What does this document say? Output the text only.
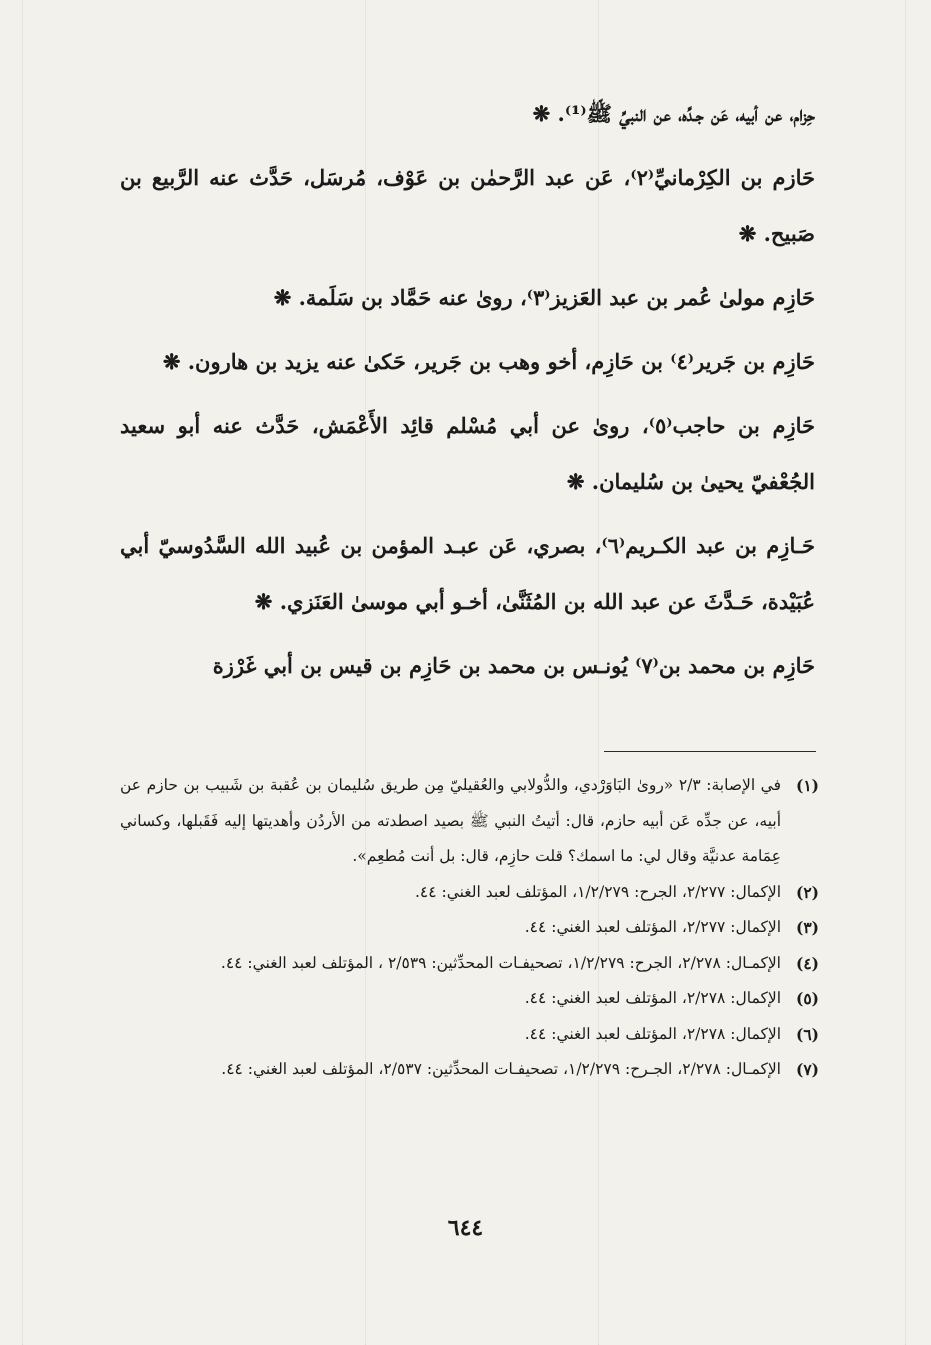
حِزام، عن أبيه، عَن جـدِّه، عن النبيِّ ﷺ⁽¹⁾. ❋

حَازم بن الكِرْمانيِّ⁽٢⁾، عَن عبد الرَّحمٰن بن عَوْف، مُرسَل، حَدَّث عنه الرَّبيع بن صَبيح. ❋

حَازِم مولىٰ عُمر بن عبد العَزيز⁽٣⁾، روىٰ عنه حَمَّاد بن سَلَمة. ❋

حَازِم بن جَرير⁽٤⁾ بن حَازِم، أخو وهب بن جَرير، حَكىٰ عنه يزيد بن هارون. ❋

حَازِم بن حاجب⁽٥⁾، روىٰ عن أبي مُسْلم قائِد الأَعْمَش، حَدَّث عنه أبو سعيد الجُعْفيّ يحيىٰ بن سُليمان. ❋

حَـازِم بن عبد الكـريم⁽٦⁾، بصري، عَن عبـد المؤمن بن عُبيد الله السَّدُوسيّ أبي عُبَيْدة، حَـدَّثَ عن عبد الله بن المُثَنَّىٰ، أخـو أبي موسىٰ العَنَزي. ❋

حَازِم بن محمد بن⁽٧⁾ يُونـس بن محمد بن حَازِم بن قيس بن أبي غَرْزة

(١)
في الإصابة: ٢/٣ «روىٰ البَاوَرْدي، والدُّولابي والعُقيليّ مِن طريق سُليمان بن عُقبة بن شَبيب بن حازم عن أبيه، عن جدِّه عَن أبيه حازم، قال: أتيتُ النبي ﷺ بصيد اصطدته من الأردُن وأهديتها إليه فَقَبلها، وكساني عِمَامة عدنيَّة وقال لي: ما اسمك؟ قلت حازِم، قال: بل أنت مُطعِم».
(٢)
الإكمال: ٢/٢٧٧، الجرح: ١/٢/٢٧٩، المؤتلف لعبد الغني: ٤٤.
(٣)
الإكمال: ٢/٢٧٧، المؤتلف لعبد الغني: ٤٤.
(٤)
الإكمـال: ٢/٢٧٨، الجرح: ١/٢/٢٧٩، تصحيفـات المحدِّثين: ٢/٥٣٩ ، المؤتلف لعبد الغني: ٤٤.
(٥)
الإكمال: ٢/٢٧٨، المؤتلف لعبد الغني: ٤٤.
(٦)
الإكمال: ٢/٢٧٨، المؤتلف لعبد الغني: ٤٤.
(٧)
الإكمـال: ٢/٢٧٨، الجـرح: ١/٢/٢٧٩، تصحيفـات المحدِّثين: ٢/٥٣٧، المؤتلف لعبد الغني: ٤٤.
٦٤٤
